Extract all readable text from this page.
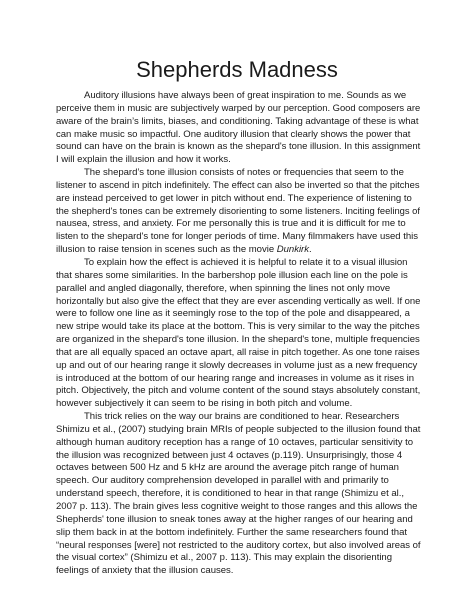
Shepherds Madness

Auditory illusions have always been of great inspiration to me. Sounds as we
perceive them in music are subjectively warped by our perception. Good composers are
aware of the brain’s limits, biases, and conditioning. Taking advantage of these is what
can make music so impactful. One auditory illusion that clearly shows the power that
sound can have on the brain is known as the shepard's tone illusion. In this assignment
I will explain the illusion and how it works.

The shepard’s tone illusion consists of notes or frequencies that seem to the
listener to ascend in pitch indefinitely. The effect can also be inverted so that the pitches
are instead perceived to get lower in pitch without end. The experience of listening to
the shepherd's tones can be extremely disorienting to some listeners. Inciting feelings of
nausea, stress, and anxiety. For me personally this is true and it is difficult for me to
listen to the shepard's tone for longer periods of time. Many filmmakers have used this
illusion to raise tension in scenes such as the movie Dunkirk.

To explain how the effect is achieved it is helpful to relate it to a visual illusion
that shares some similarities. In the barbershop pole illusion each line on the pole is
parallel and angled diagonally, therefore, when spinning the lines not only move
horizontally but also give the effect that they are ever ascending vertically as well. If one
were to follow one line as it seemingly rose to the top of the pole and disappeared, a
new stripe would take its place at the bottom. This is very similar to the way the pitches
are organized in the shepard's tone illusion. In the shepard's tone, multiple frequencies
that are all equally spaced an octave apart, all raise in pitch together. As one tone raises
up and out of our hearing range it slowly decreases in volume just as a new frequency
is introduced at the bottom of our hearing range and increases in volume as it rises in
pitch. Objectively, the pitch and volume content of the sound stays absolutely constant,
however subjectively it can seem to be rising in both pitch and volume.

This trick relies on the way our brains are conditioned to hear. Researchers
Shimizu et al., (2007) studying brain MRIs of people subjected to the illusion found that
although human auditory reception has a range of 10 octaves, particular sensitivity to
the illusion was recognized between just 4 octaves (p.119). Unsurprisingly, those 4
octaves between 500 Hz and 5 kHz are around the average pitch range of human
speech. Our auditory comprehension developed in parallel with and primarily to
understand speech, therefore, it is conditioned to hear in that range (Shimizu et al.,
2007 p. 113). The brain gives less cognitive weight to those ranges and this allows the
Shepherds' tone illusion to sneak tones away at the higher ranges of our hearing and
slip them back in at the bottom indefinitely. Further the same researchers found that
“neural responses [were] not restricted to the auditory cortex, but also involved areas of
the visual cortex” (Shimizu et al., 2007 p. 113). This may explain the disorienting
feelings of anxiety that the illusion causes.
